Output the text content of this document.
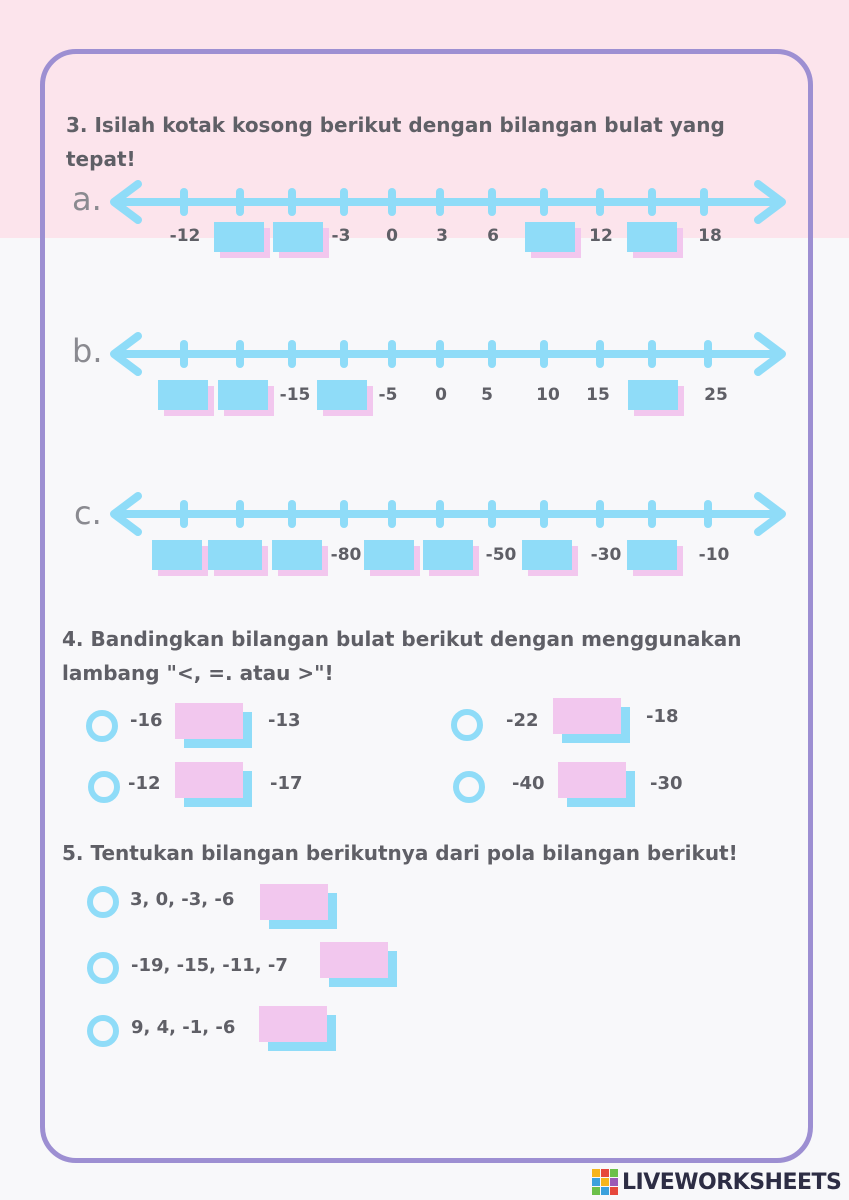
3. Isilah kotak kosong berikut dengan bilangan bulat yang
tepat!

a.
-12	-3 0 3 6	12	18
b.
-15	-5 0 5	10 15	25
c.
-80	-50	-30	-10

4. Bandingkan bilangan bulat berikut dengan menggunakan
lambang "<, =. atau >"!

-16	-13	-22	-18
-12	-17	-40	-30

5. Tentukan bilangan berikutnya dari pola bilangan berikut!

3, 0, -3, -6
-19, -15, -11, -7
9, 4, -1, -6
LIVEWORKSHEETS
